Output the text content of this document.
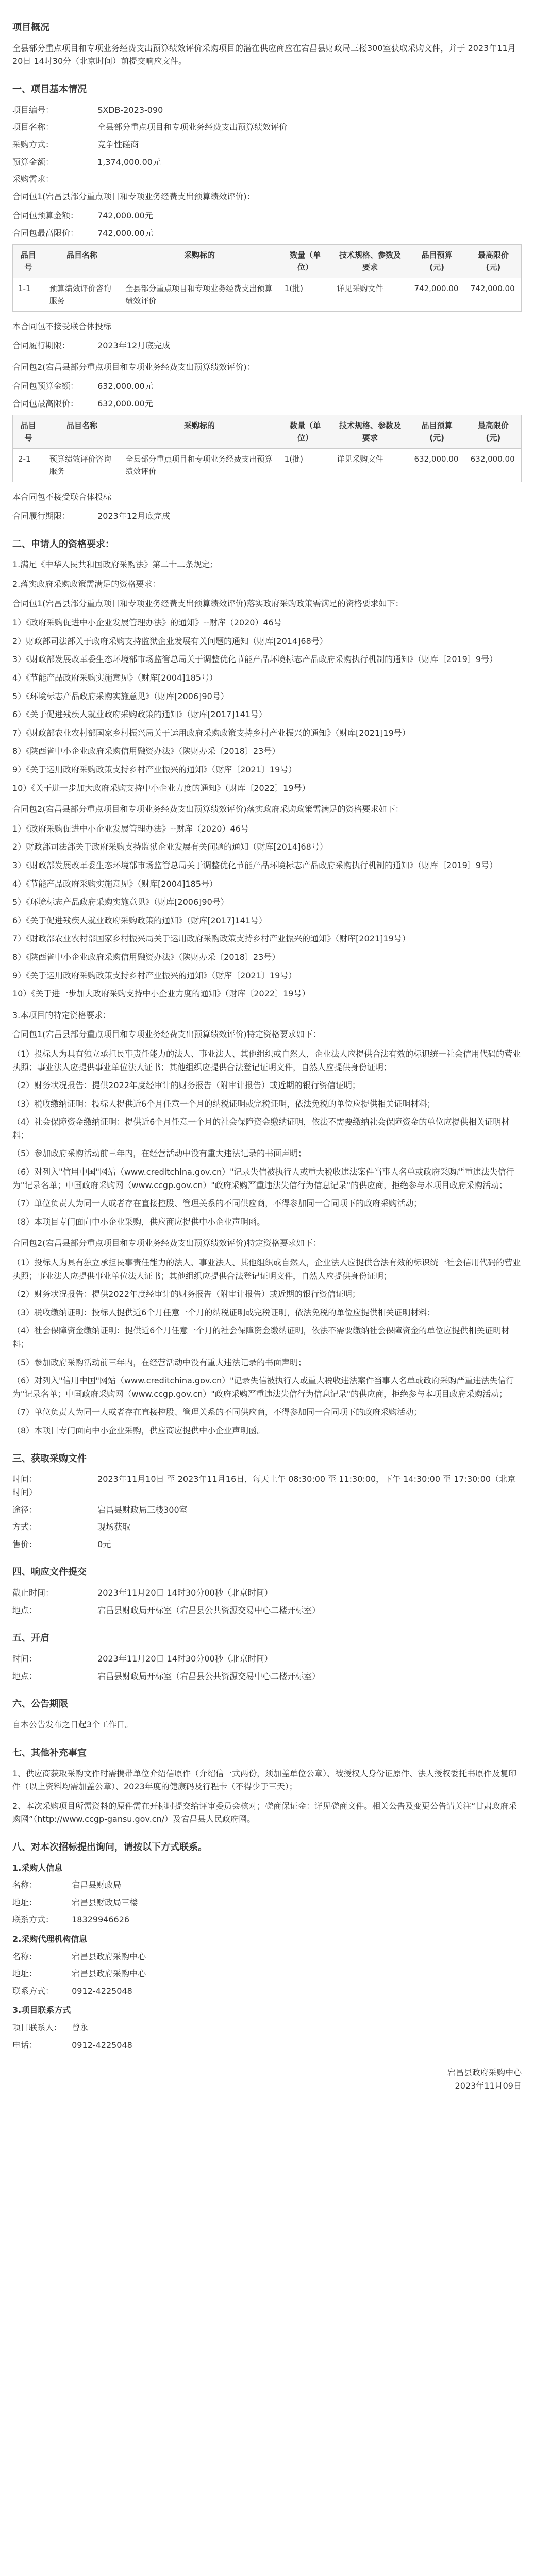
项目概况

全县部分重点项目和专项业务经费支出预算绩效评价采购项目的潜在供应商应在宕昌县财政局三楼300室获取采购文件，并于 2023年11月20日 14时30分（北京时间）前提交响应文件。

一、项目基本情况
项目编号：	SXDB-2023-090
项目名称：	全县部分重点项目和专项业务经费支出预算绩效评价
采购方式：	竞争性磋商
预算金额：	1,374,000.00元
采购需求：

合同包1(宕昌县部分重点项目和专项业务经费支出预算绩效评价)：

合同包预算金额： 742,000.00元
合同包最高限价： 742,000.00元
品目号	品目名称	采购标的	数量（单位）	技术规格、参数及要求	品目预算(元)	最高限价(元)
1-1	预算绩效评价咨询服务	全县部分重点项目和专项业务经费支出预算绩效评价	1(批)	详见采购文件	742,000.00	742,000.00

本合同包不接受联合体投标

合同履行期限：	2023年12月底完成

合同包2(宕昌县部分重点项目和专项业务经费支出预算绩效评价)：

合同包预算金额： 632,000.00元
合同包最高限价： 632,000.00元
品目号	品目名称	采购标的	数量（单位）	技术规格、参数及要求	品目预算(元)	最高限价(元)
2-1	预算绩效评价咨询服务	全县部分重点项目和专项业务经费支出预算绩效评价	1(批)	详见采购文件	632,000.00	632,000.00

本合同包不接受联合体投标

合同履行期限：	2023年12月底完成
二、申请人的资格要求：

1.满足《中华人民共和国政府采购法》第二十二条规定;

2.落实政府采购政策需满足的资格要求：

合同包1(宕昌县部分重点项目和专项业务经费支出预算绩效评价)落实政府采购政策需满足的资格要求如下：

1）《政府采购促进中小企业发展管理办法》的通知》--财库（2020）46号
2）财政部司法部关于政府采购支持监狱企业发展有关问题的通知（财库[2014]68号）
3）《财政部发展改革委生态环境部市场监管总局关于调整优化节能产品环境标志产品政府采购执行机制的通知》（财库〔2019〕9号）
4）《节能产品政府采购实施意见》（财库[2004]185号）
5）《环境标志产品政府采购实施意见》（财库[2006]90号）
6）《关于促进残疾人就业政府采购政策的通知》（财库[2017]141号）
7）《财政部农业农村部国家乡村振兴局关于运用政府采购政策支持乡村产业振兴的通知》（财库[2021]19号）
8）《陕西省中小企业政府采购信用融资办法》（陕财办采〔2018〕23号）
9）《关于运用政府采购政策支持乡村产业振兴的通知》（财库〔2021〕19号）
10）《关于进一步加大政府采购支持中小企业力度的通知》（财库〔2022〕19号）

合同包2(宕昌县部分重点项目和专项业务经费支出预算绩效评价)落实政府采购政策需满足的资格要求如下：

1）《政府采购促进中小企业发展管理办法》--财库（2020）46号
2）财政部司法部关于政府采购支持监狱企业发展有关问题的通知（财库[2014]68号）
3）《财政部发展改革委生态环境部市场监管总局关于调整优化节能产品环境标志产品政府采购执行机制的通知》（财库〔2019〕9号）
4）《节能产品政府采购实施意见》（财库[2004]185号）
5）《环境标志产品政府采购实施意见》（财库[2006]90号）
6）《关于促进残疾人就业政府采购政策的通知》（财库[2017]141号）
7）《财政部农业农村部国家乡村振兴局关于运用政府采购政策支持乡村产业振兴的通知》（财库[2021]19号）
8）《陕西省中小企业政府采购信用融资办法》（陕财办采〔2018〕23号）
9）《关于运用政府采购政策支持乡村产业振兴的通知》（财库〔2021〕19号）
10）《关于进一步加大政府采购支持中小企业力度的通知》（财库〔2022〕19号）

3.本项目的特定资格要求：

合同包1(宕昌县部分重点项目和专项业务经费支出预算绩效评价)特定资格要求如下：

（1）投标人为具有独立承担民事责任能力的法人、事业法人、其他组织或自然人，企业法人应提供合法有效的标识统一社会信用代码的营业执照；事业法人应提供事业单位法人证书；其他组织应提供合法登记证明文件，自然人应提供身份证明；
（2）财务状况报告：提供2022年度经审计的财务报告（附审计报告）或近期的银行资信证明；
（3）税收缴纳证明：投标人提供近6个月任意一个月的纳税证明或完税证明，依法免税的单位应提供相关证明材料；
（4）社会保障资金缴纳证明：提供近6个月任意一个月的社会保障资金缴纳证明，依法不需要缴纳社会保障资金的单位应提供相关证明材料；
（5）参加政府采购活动前三年内，在经营活动中没有重大违法记录的书面声明；
（6）对列入"信用中国"网站（www.creditchina.gov.cn）"记录失信被执行人或重大税收违法案件当事人名单或政府采购严重违法失信行为"记录名单；中国政府采购网（www.ccgp.gov.cn）"政府采购严重违法失信行为信息记录"的供应商，拒绝参与本项目政府采购活动；
（7）单位负责人为同一人或者存在直接控股、管理关系的不同供应商，不得参加同一合同项下的政府采购活动；
（8）本项目专门面向中小企业采购，供应商应提供中小企业声明函。

合同包2(宕昌县部分重点项目和专项业务经费支出预算绩效评价)特定资格要求如下：

（1）投标人为具有独立承担民事责任能力的法人、事业法人、其他组织或自然人，企业法人应提供合法有效的标识统一社会信用代码的营业执照；事业法人应提供事业单位法人证书；其他组织应提供合法登记证明文件，自然人应提供身份证明；
（2）财务状况报告：提供2022年度经审计的财务报告（附审计报告）或近期的银行资信证明；
（3）税收缴纳证明：投标人提供近6个月任意一个月的纳税证明或完税证明，依法免税的单位应提供相关证明材料；
（4）社会保障资金缴纳证明：提供近6个月任意一个月的社会保障资金缴纳证明，依法不需要缴纳社会保障资金的单位应提供相关证明材料；
（5）参加政府采购活动前三年内，在经营活动中没有重大违法记录的书面声明；
（6）对列入"信用中国"网站（www.creditchina.gov.cn）"记录失信被执行人或重大税收违法案件当事人名单或政府采购严重违法失信行为"记录名单；中国政府采购网（www.ccgp.gov.cn）"政府采购严重违法失信行为信息记录"的供应商，拒绝参与本项目政府采购活动；
（7）单位负责人为同一人或者存在直接控股、管理关系的不同供应商，不得参加同一合同项下的政府采购活动；
（8）本项目专门面向中小企业采购，供应商应提供中小企业声明函。
三、获取采购文件
时间：	2023年11月10日 至 2023年11月16日，每天上午 08:30:00 至 11:30:00，下午 14:30:00 至 17:30:00（北京时间）
途径：	宕昌县财政局三楼300室
方式：	现场获取
售价：	0元
四、响应文件提交
截止时间：	2023年11月20日 14时30分00秒（北京时间）
地点：	宕昌县财政局开标室（宕昌县公共资源交易中心二楼开标室）
五、开启
时间：	2023年11月20日 14时30分00秒（北京时间）
地点：	宕昌县财政局开标室（宕昌县公共资源交易中心二楼开标室）
六、公告期限

自本公告发布之日起3个工作日。

七、其他补充事宜

1、供应商获取采购文件时需携带单位介绍信原件（介绍信一式两份，须加盖单位公章）、被授权人身份证原件、法人授权委托书原件及复印件（以上资料均需加盖公章）、2023年度的健康码及行程卡（不得少于三天）；

2、本次采购项目所需资料的原件需在开标时提交给评审委员会核对；磋商保证金：详见磋商文件。相关公告及变更公告请关注“甘肃政府采购网”（http://www.ccgp-gansu.gov.cn/）及宕昌县人民政府网。

八、对本次招标提出询问，请按以下方式联系。
1.采购人信息
名称：	宕昌县财政局
地址：	宕昌县财政局三楼
联系方式： 18329946626
2.采购代理机构信息
名称：	宕昌县政府采购中心
地址：	宕昌县政府采购中心
联系方式： 0912-4225048
3.项目联系方式
项目联系人： 曾永
电话：	0912-4225048
宕昌县政府采购中心
2023年11月09日
